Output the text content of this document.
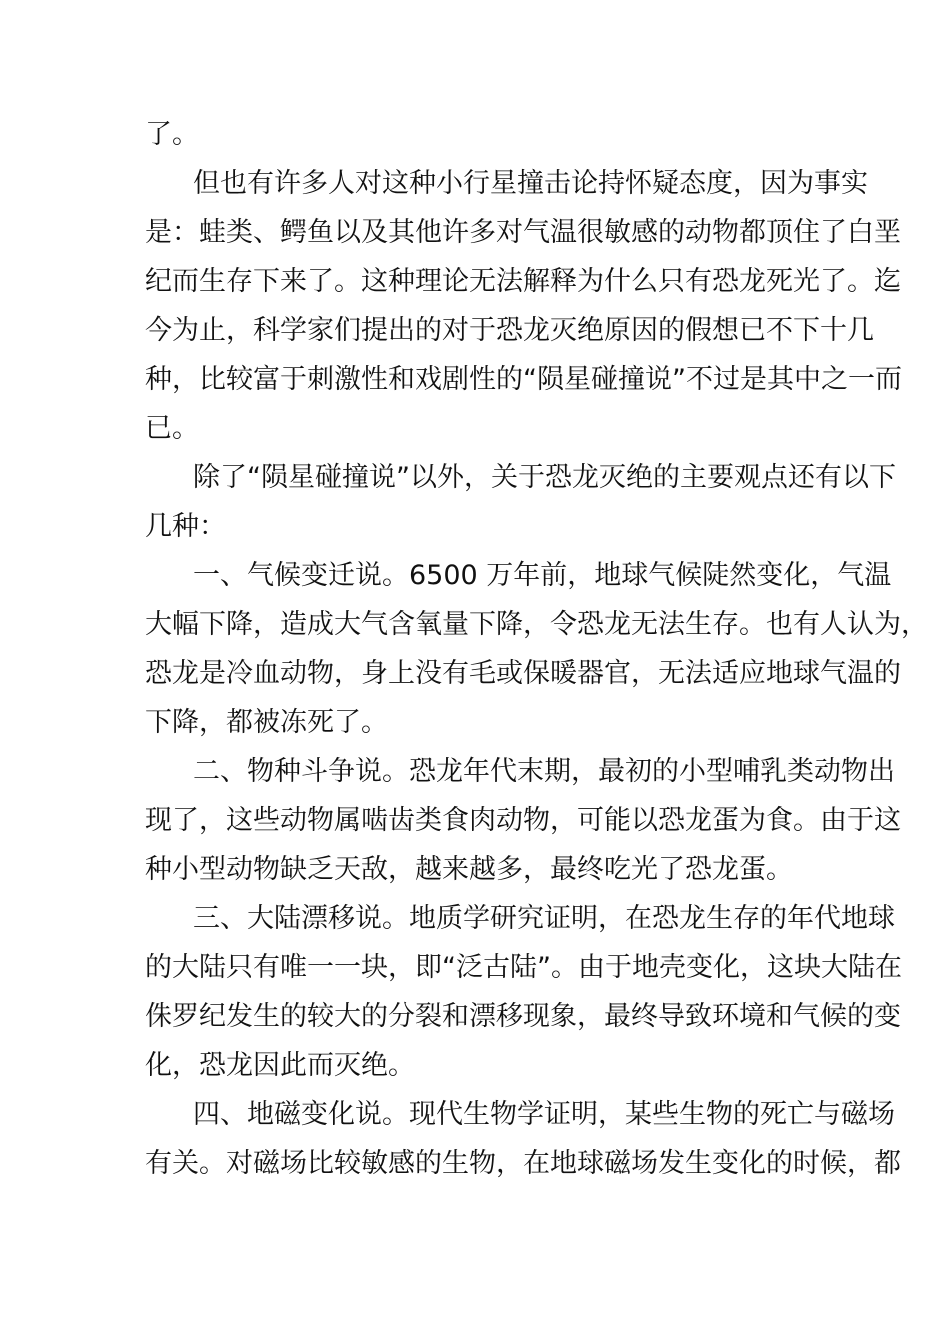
了。
但也有许多人对这种小行星撞击论持怀疑态度，因为事实
是：蛙类、鳄鱼以及其他许多对气温很敏感的动物都顶住了白垩
纪而生存下来了。这种理论无法解释为什么只有恐龙死光了。迄
今为止，科学家们提出的对于恐龙灭绝原因的假想已不下十几
种，比较富于刺激性和戏剧性的“陨星碰撞说”不过是其中之一而
已。
除了“陨星碰撞说”以外，关于恐龙灭绝的主要观点还有以下
几种：
一、气候变迁说。6500 万年前，地球气候陡然变化，气温
大幅下降，造成大气含氧量下降，令恐龙无法生存。也有人认为，
恐龙是冷血动物，身上没有毛或保暖器官，无法适应地球气温的
下降，都被冻死了。
二、物种斗争说。恐龙年代末期，最初的小型哺乳类动物出
现了，这些动物属啮齿类食肉动物，可能以恐龙蛋为食。由于这
种小型动物缺乏天敌，越来越多，最终吃光了恐龙蛋。
三、大陆漂移说。地质学研究证明，在恐龙生存的年代地球
的大陆只有唯一一块，即“泛古陆”。由于地壳变化，这块大陆在
侏罗纪发生的较大的分裂和漂移现象，最终导致环境和气候的变
化，恐龙因此而灭绝。
四、地磁变化说。现代生物学证明，某些生物的死亡与磁场
有关。对磁场比较敏感的生物，在地球磁场发生变化的时候，都
